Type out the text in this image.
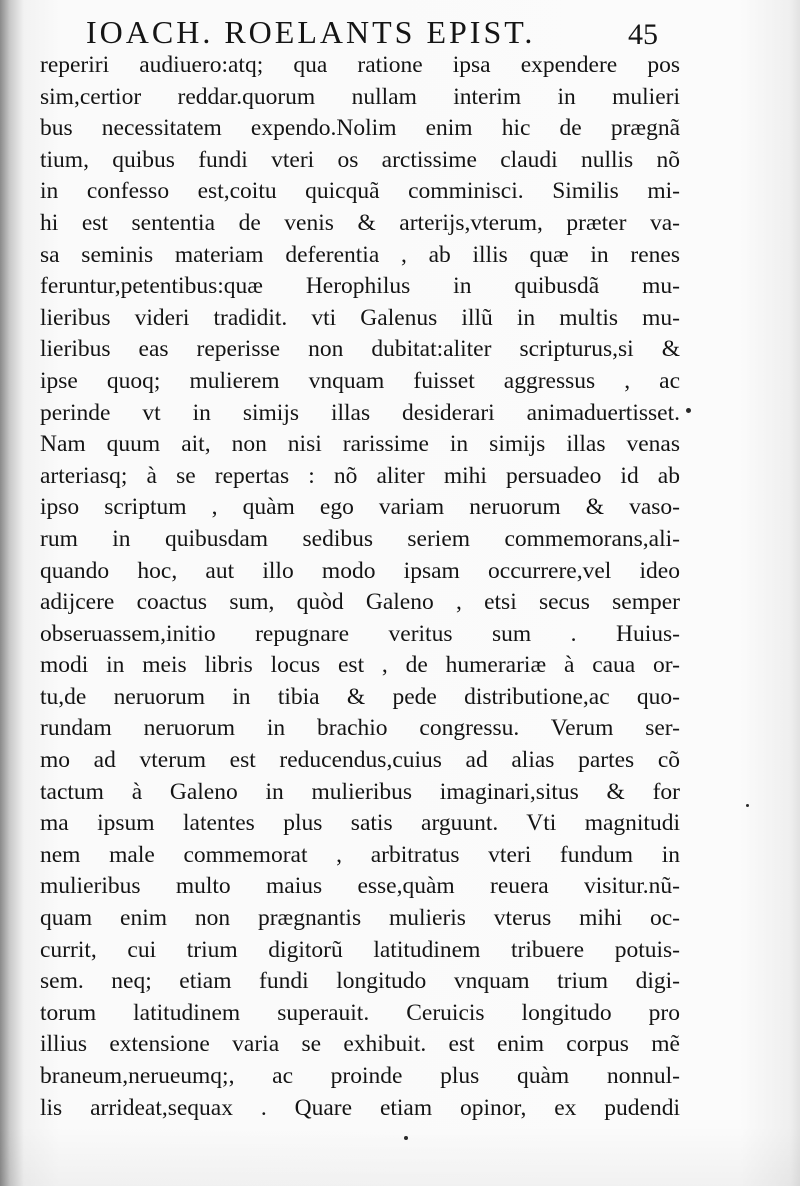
IOACH. ROELANTS EPIST.	45
reperiri audiuero:atq; qua ratione ipsa expendere pos
sim,certior reddar.quorum nullam interim in mulieri
bus necessitatem expendo.Nolim enim hic de prægnã
tium, quibus fundi vteri os arctissime claudi nullis nõ
in confesso est,coitu quicquã comminisci. Similis mi-
hi est sententia de venis & arterijs,vterum, præter va-
sa seminis materiam deferentia , ab illis quæ in renes
feruntur,petentibus:quæ Herophilus in quibusdã mu-
lieribus videri tradidit. vti Galenus illũ in multis mu-
lieribus eas reperisse non dubitat:aliter scripturus,si &
ipse quoq; mulierem vnquam fuisset aggressus , ac
perinde vt in simijs illas desiderari animaduertisset.
Nam quum ait, non nisi rarissime in simijs illas venas
arteriasq; à se repertas : nõ aliter mihi persuadeo id ab
ipso scriptum , quàm ego variam neruorum & vaso-
rum in quibusdam sedibus seriem commemorans,ali-
quando hoc, aut illo modo ipsam occurrere,vel ideo
adijcere coactus sum, quòd Galeno , etsi secus semper
obseruassem,initio repugnare veritus sum . Huius-
modi in meis libris locus est , de humerariæ à caua or-
tu,de neruorum in tibia & pede distributione,ac quo-
rundam neruorum in brachio congressu. Verum ser-
mo ad vterum est reducendus,cuius ad alias partes cõ
tactum à Galeno in mulieribus imaginari,situs & for
ma ipsum latentes plus satis arguunt. Vti magnitudi
nem male commemorat , arbitratus vteri fundum in
mulieribus multo maius esse,quàm reuera visitur.nũ-
quam enim non prægnantis mulieris vterus mihi oc-
currit, cui trium digitorũ latitudinem tribuere potuis-
sem. neq; etiam fundi longitudo vnquam trium digi-
torum latitudinem superauit. Ceruicis longitudo pro
illius extensione varia se exhibuit. est enim corpus mẽ
braneum,nerueumq;, ac proinde plus quàm nonnul-
lis arrideat,sequax . Quare etiam opinor, ex pudendi
